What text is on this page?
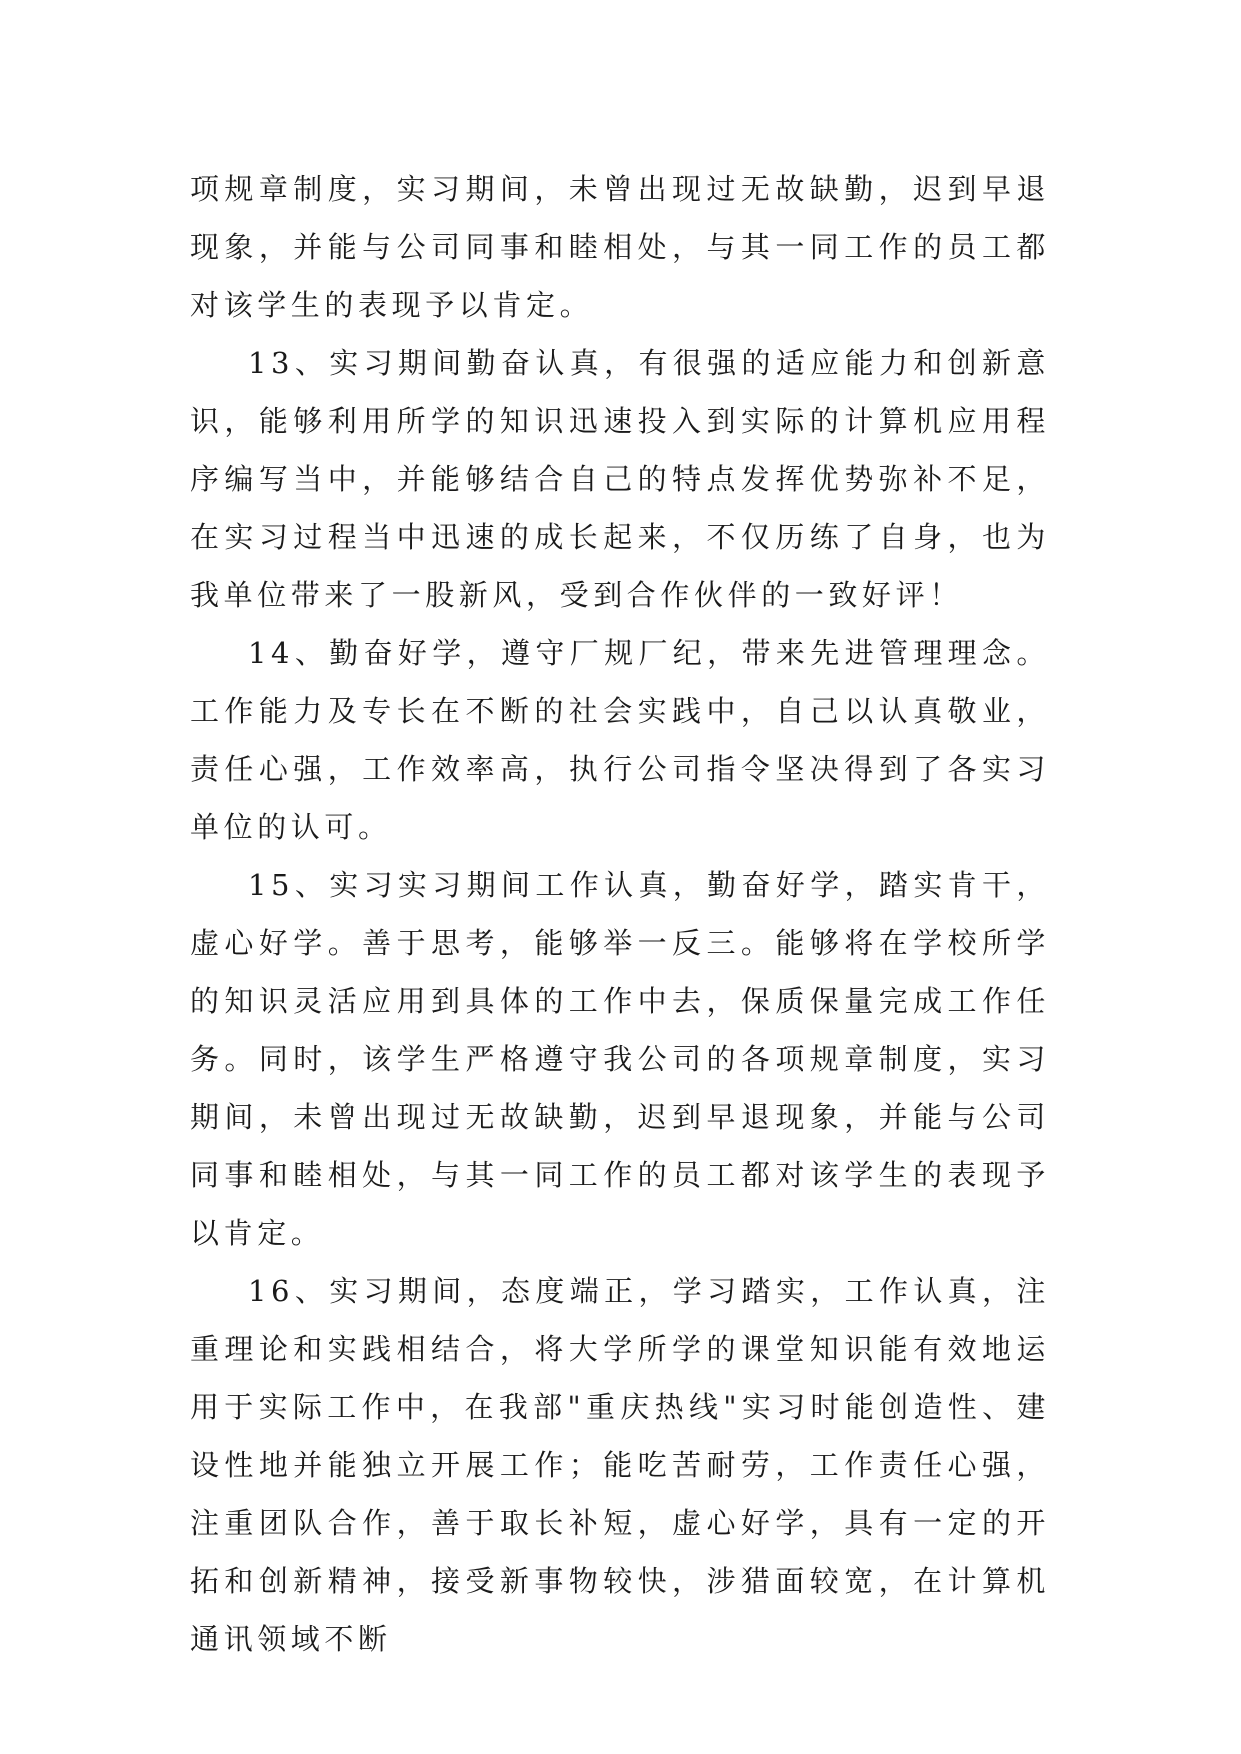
项规章制度，实习期间，未曾出现过无故缺勤，迟到早退现象，并能与公司同事和睦相处，与其一同工作的员工都对该学生的表现予以肯定。

13、实习期间勤奋认真，有很强的适应能力和创新意识，能够利用所学的知识迅速投入到实际的计算机应用程序编写当中，并能够结合自己的特点发挥优势弥补不足，在实习过程当中迅速的成长起来，不仅历练了自身，也为我单位带来了一股新风，受到合作伙伴的一致好评！

14、勤奋好学，遵守厂规厂纪，带来先进管理理念。工作能力及专长在不断的社会实践中，自己以认真敬业，责任心强，工作效率高，执行公司指令坚决得到了各实习单位的认可。

15、实习实习期间工作认真，勤奋好学，踏实肯干，虚心好学。善于思考，能够举一反三。能够将在学校所学的知识灵活应用到具体的工作中去，保质保量完成工作任务。同时，该学生严格遵守我公司的各项规章制度，实习期间，未曾出现过无故缺勤，迟到早退现象，并能与公司同事和睦相处，与其一同工作的员工都对该学生的表现予以肯定。

16、实习期间，态度端正，学习踏实，工作认真，注重理论和实践相结合，将大学所学的课堂知识能有效地运用于实际工作中，在我部"重庆热线"实习时能创造性、建设性地并能独立开展工作；能吃苦耐劳，工作责任心强，注重团队合作，善于取长补短，虚心好学，具有一定的开拓和创新精神，接受新事物较快，涉猎面较宽，在计算机通讯领域不断
